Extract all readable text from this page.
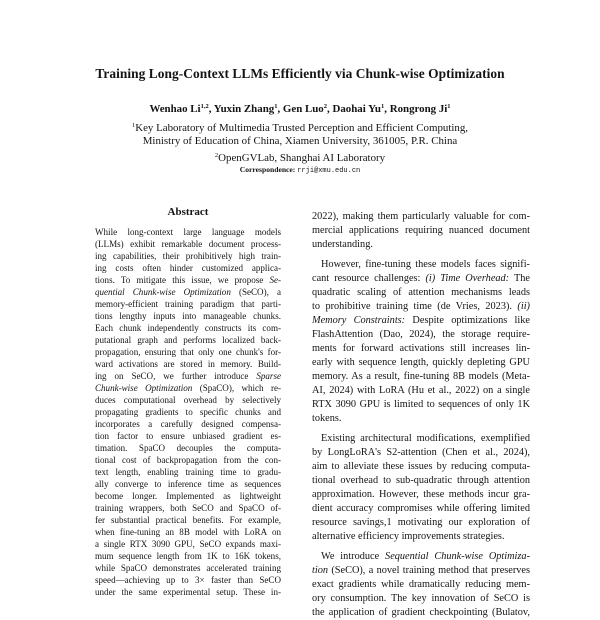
Training Long-Context LLMs Efficiently via Chunk-wise Optimization
Wenhao Li$^{1,2}$, Yuxin Zhang$^1$, Gen Luo$^2$, Daohai Yu$^1$, Rongrong Ji$^1$
$^1$Key Laboratory of Multimedia Trusted Perception and Efficient Computing,
Ministry of Education of China, Xiamen University, 361005, P.R. China
$^2$OpenGVLab, Shanghai AI Laboratory
Correspondence: rrji@xmu.edu.cn
Abstract
While long-context large language models
(LLMs) exhibit remarkable document process-
ing capabilities, their prohibitively high train-
ing costs often hinder customized applica-
tions. To mitigate this issue, we propose Se-
quential Chunk-wise Optimization (SeCO), a
memory-efficient training paradigm that parti-
tions lengthy inputs into manageable chunks.
Each chunk independently constructs its com-
putational graph and performs localized back-
propagation, ensuring that only one chunk's for-
ward activations are stored in memory. Build-
ing on SeCO, we further introduce Sparse
Chunk-wise Optimization (SpaCO), which re-
duces computational overhead by selectively
propagating gradients to specific chunks and
incorporates a carefully designed compensa-
tion factor to ensure unbiased gradient es-
timation. SpaCO decouples the computa-
tional cost of backpropagation from the con-
text length, enabling training time to gradu-
ally converge to inference time as sequences
become longer. Implemented as lightweight
training wrappers, both SeCO and SpaCO of-
fer substantial practical benefits. For example,
when fine-tuning an 8B model with LoRA on
a single RTX 3090 GPU, SeCO expands maxi-
mum sequence length from 1K to 16K tokens,
while SpaCO demonstrates accelerated training
speed—achieving up to 3× faster than SeCO
under the same experimental setup. These in-
2022), making them particularly valuable for com-
mercial applications requiring nuanced document
understanding.
However, fine-tuning these models faces signifi-
cant resource challenges: (i) Time Overhead: The
quadratic scaling of attention mechanisms leads
to prohibitive training time (de Vries, 2023). (ii)
Memory Constraints: Despite optimizations like
FlashAttention (Dao, 2024), the storage require-
ments for forward activations still increases lin-
early with sequence length, quickly depleting GPU
memory. As a result, fine-tuning 8B models (Meta-
AI, 2024) with LoRA (Hu et al., 2022) on a single
RTX 3090 GPU is limited to sequences of only 1K
tokens.
Existing architectural modifications, exemplified
by LongLoRA's S2-attention (Chen et al., 2024),
aim to alleviate these issues by reducing computa-
tional overhead to sub-quadratic through attention
approximation. However, these methods incur gra-
dient accuracy compromises while offering limited
resource savings,1 motivating our exploration of
alternative efficiency improvements strategies.
We introduce Sequential Chunk-wise Optimiza-
tion (SeCO), a novel training method that preserves
exact gradients while dramatically reducing mem-
ory consumption. The key innovation of SeCO is
the application of gradient checkpointing (Bulatov,
